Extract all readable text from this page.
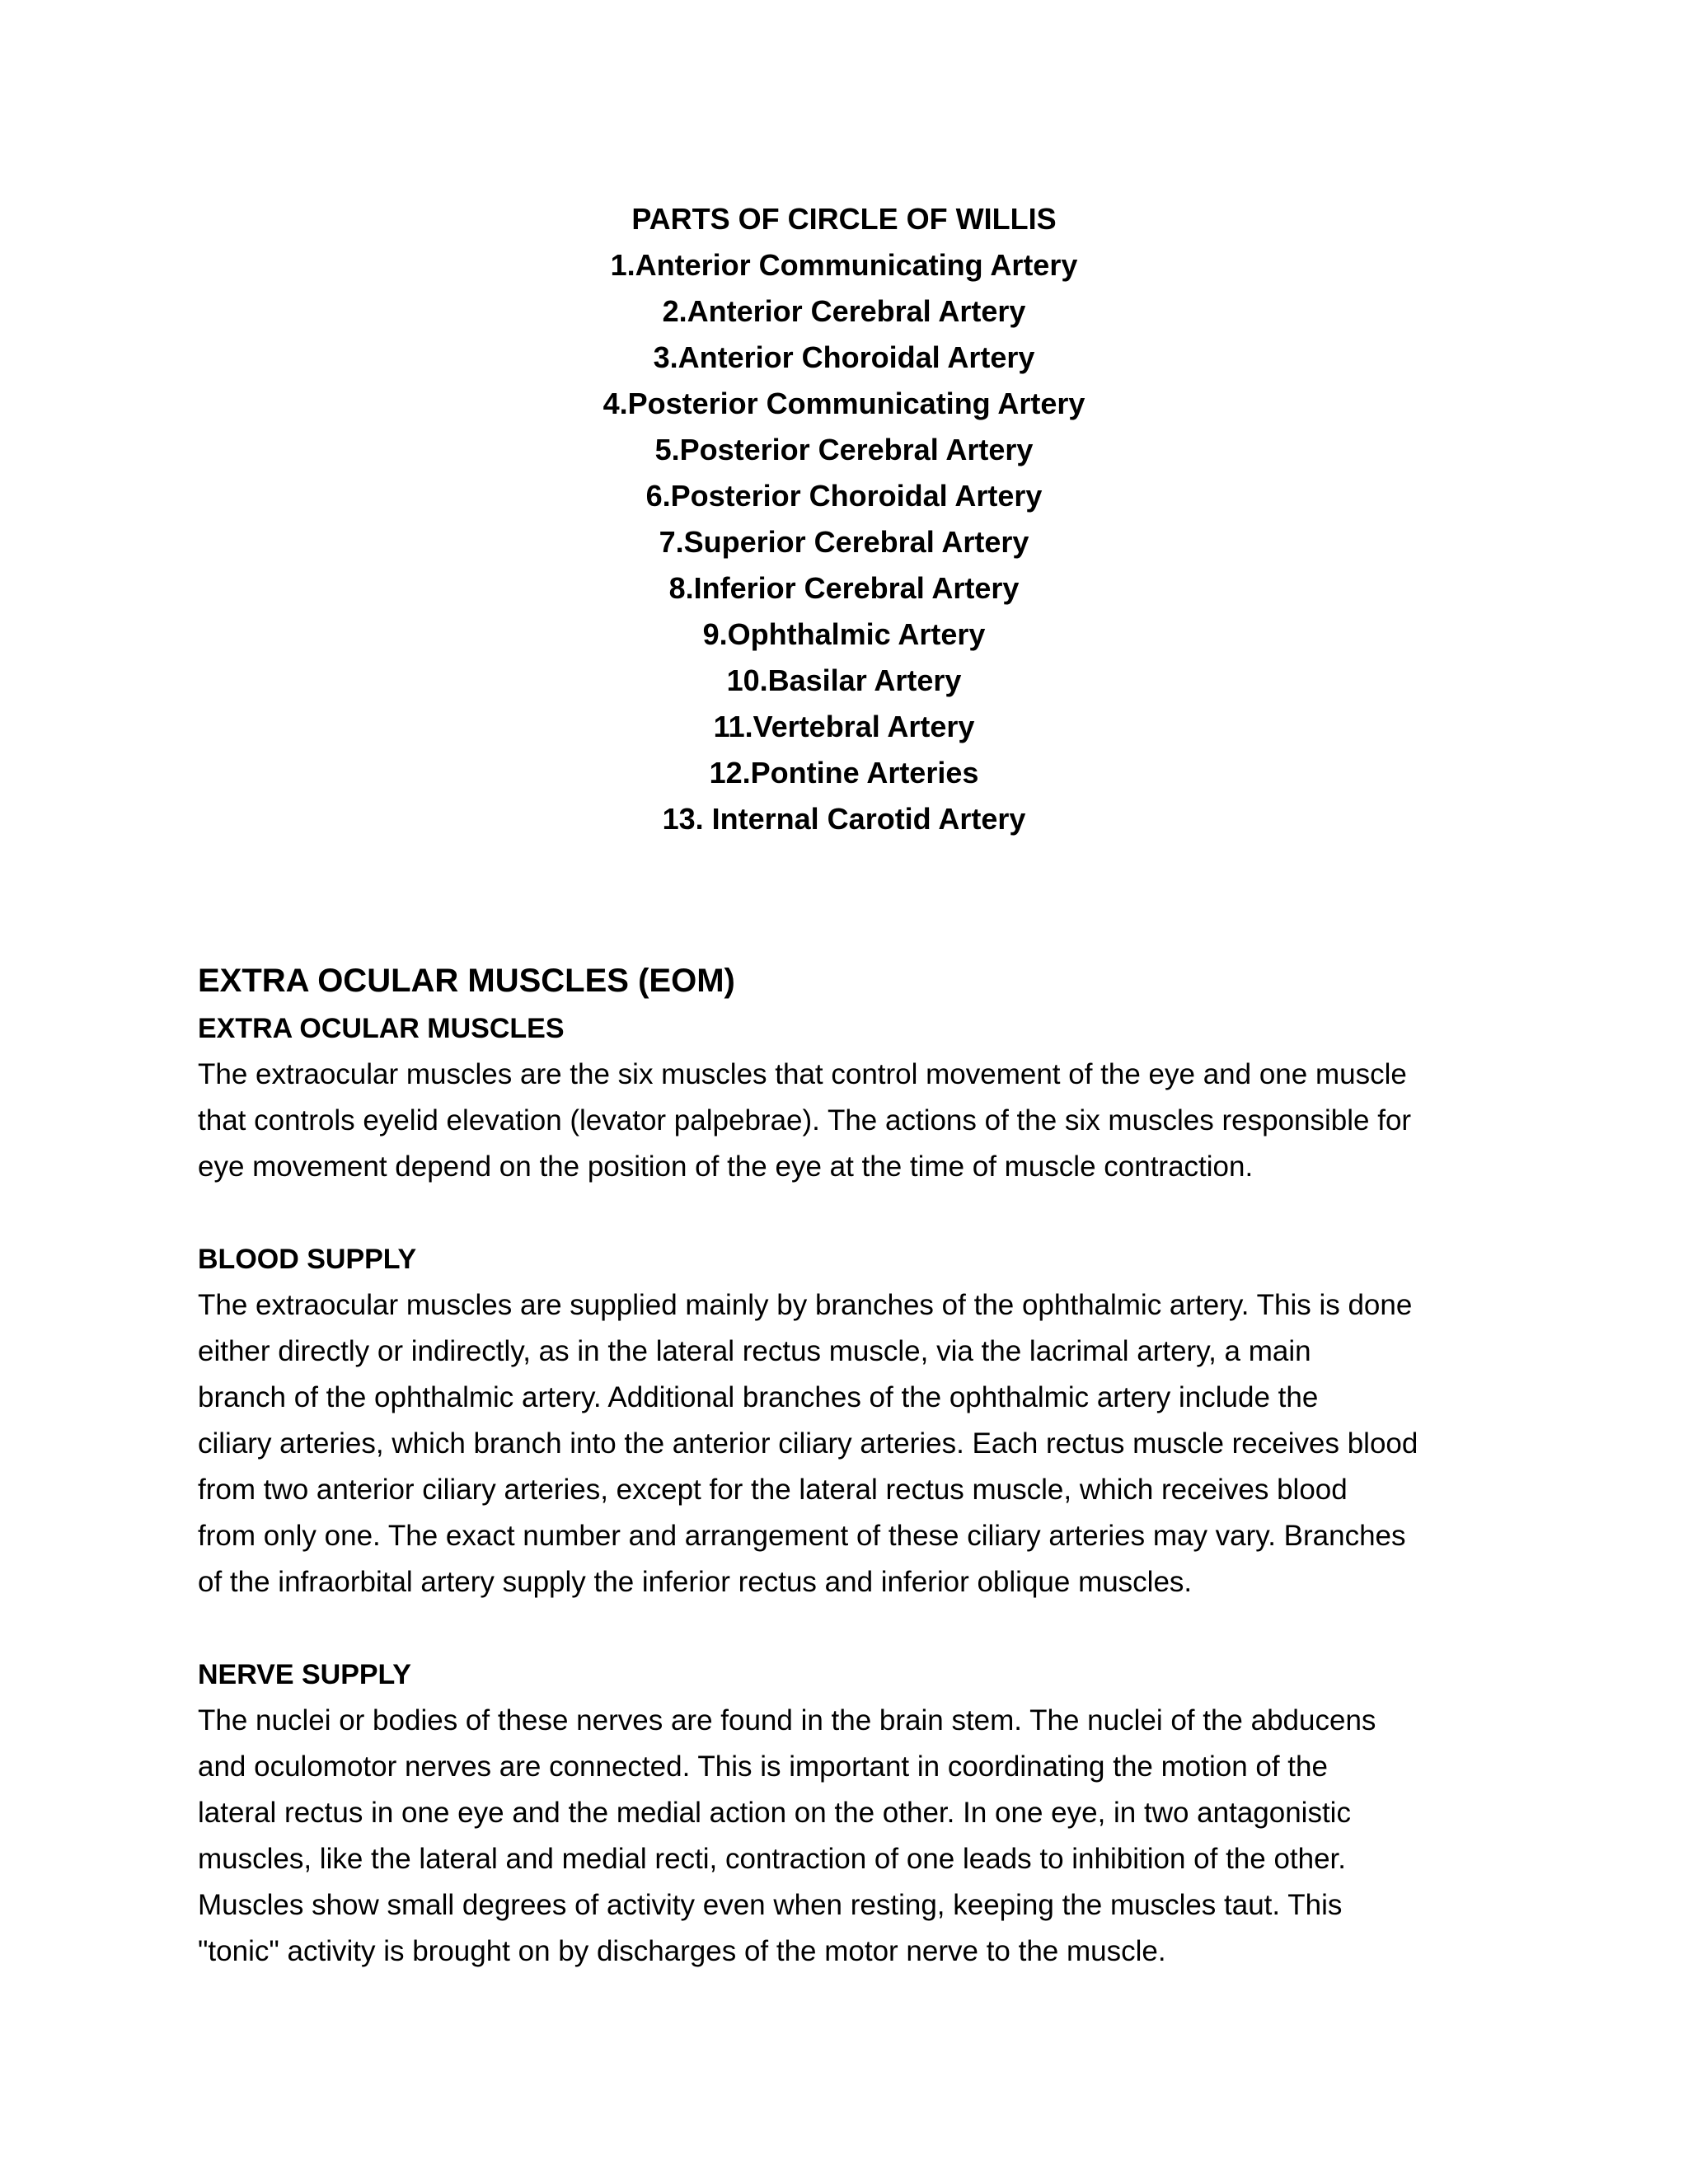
PARTS OF CIRCLE OF WILLIS
1.Anterior Communicating Artery
2.Anterior Cerebral Artery
3.Anterior Choroidal Artery
4.Posterior Communicating Artery
5.Posterior Cerebral Artery
6.Posterior Choroidal Artery
7.Superior Cerebral Artery
8.Inferior Cerebral Artery
9.Ophthalmic Artery
10.Basilar Artery
11.Vertebral Artery
12.Pontine Arteries
13. Internal Carotid Artery
EXTRA OCULAR MUSCLES (EOM)
EXTRA OCULAR MUSCLES

The extraocular muscles are the six muscles that control movement of the eye and one muscle
that controls eyelid elevation (levator palpebrae). The actions of the six muscles responsible for
eye movement depend on the position of the eye at the time of muscle contraction.

BLOOD SUPPLY

The extraocular muscles are supplied mainly by branches of the ophthalmic artery. This is done
either directly or indirectly, as in the lateral rectus muscle, via the lacrimal artery, a main
branch of the ophthalmic artery. Additional branches of the ophthalmic artery include the
ciliary arteries, which branch into the anterior ciliary arteries. Each rectus muscle receives blood
from two anterior ciliary arteries, except for the lateral rectus muscle, which receives blood
from only one. The exact number and arrangement of these ciliary arteries may vary. Branches
of the infraorbital artery supply the inferior rectus and inferior oblique muscles.

NERVE SUPPLY

The nuclei or bodies of these nerves are found in the brain stem. The nuclei of the abducens
and oculomotor nerves are connected. This is important in coordinating the motion of the
lateral rectus in one eye and the medial action on the other. In one eye, in two antagonistic
muscles, like the lateral and medial recti, contraction of one leads to inhibition of the other.
Muscles show small degrees of activity even when resting, keeping the muscles taut. This
"tonic" activity is brought on by discharges of the motor nerve to the muscle.
